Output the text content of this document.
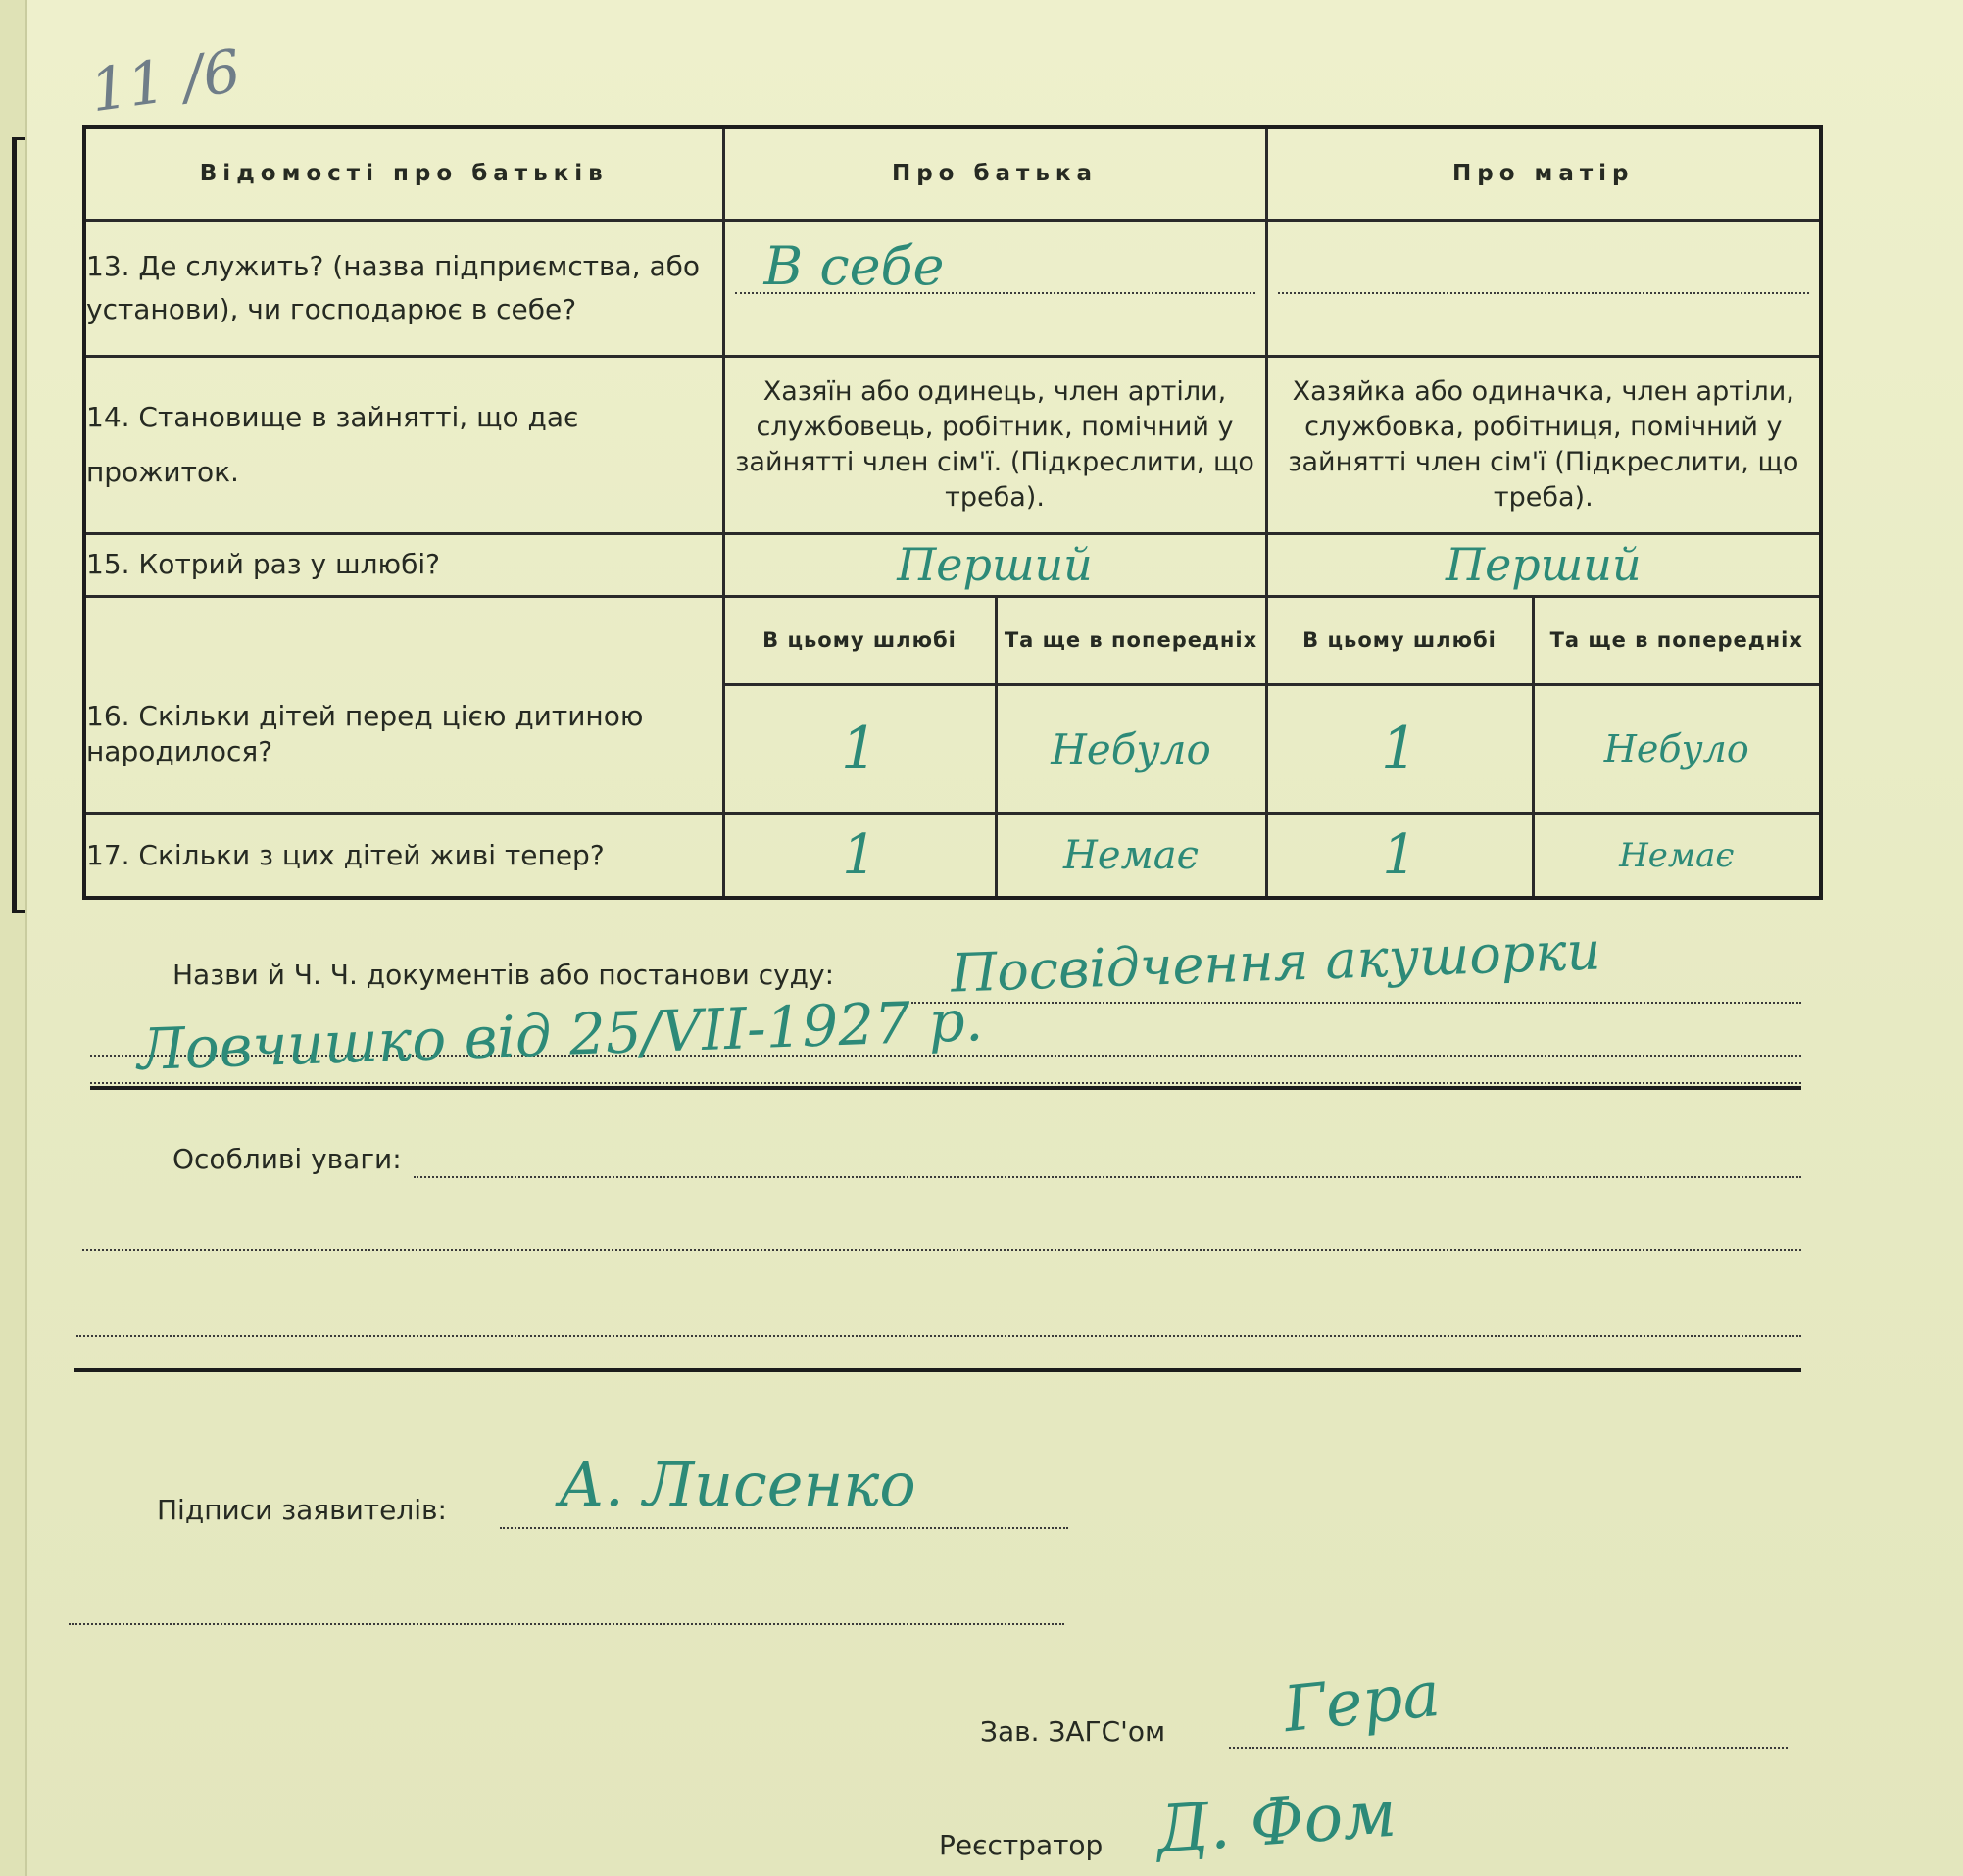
11 /6
Відомості про батьків	Про батька		Про матір	
13. Де служить? (назва підприємства, або установи), чи господарює в себе?	В себе			

14. Становище в зайнятті, що дає прожиток.	Хазяїн або одинець, член артіли, службовець, робітник, помічний у зайнятті член сім'ї. (Підкреслити, що треба).		Хазяйка або одиначка, член артіли, службовка, робітниця, помічний у зайнятті член сім'ї (Підкреслити, що треба).	
15. Котрий раз у шлюбі?	Перший		Перший	
16. Скільки дітей перед цією дитиною народилося?	В цьому шлюбі	Та ще в попередніх	В цьому шлюбі	Та ще в попередніх
	1	Небуло	1	Небуло
17. Скільки з цих дітей живі тепер?	1	Немає	1	Немає
Назви й Ч. Ч. документів або постанови суду: Посвідчення акушорки
Ловчишко від 25/VII-1927 р.
Особливі уваги:
Підписи заявителів: А. Лисенко
Зав. ЗАГС'ом Гера
Реєстратор Д. Фом
